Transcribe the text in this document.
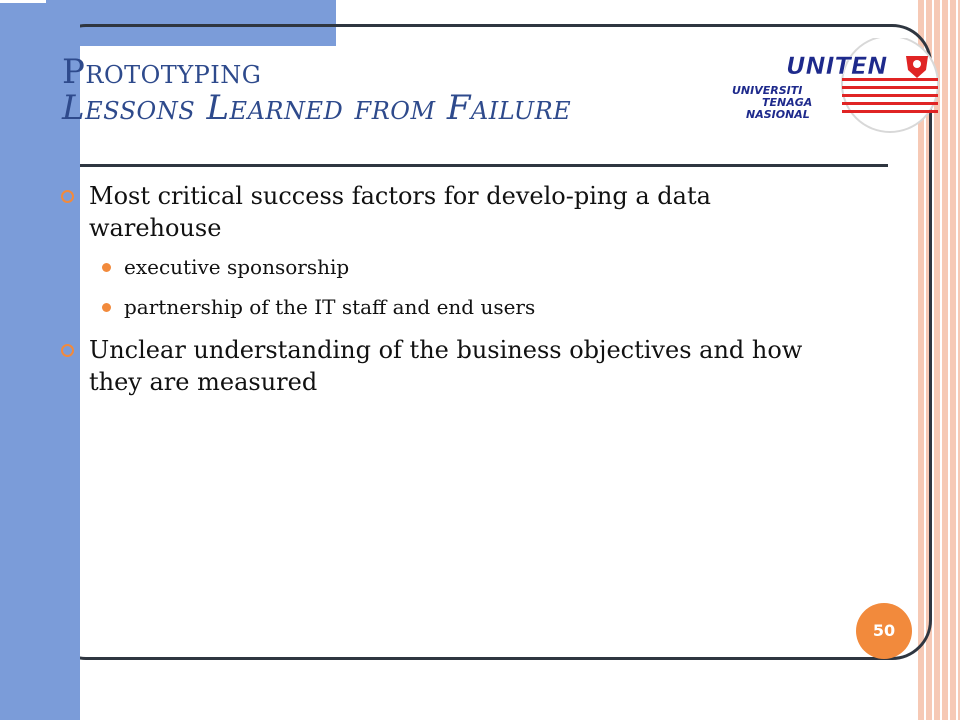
Prototyping
Lessons Learned from Failure
UNITEN
UNIVERSITI
TENAGA
NASIONAL
Most critical success factors for develo-ping a data warehouse
executive sponsorship
partnership of the IT staff and end users
Unclear understanding of the business objectives and how they are measured
50
